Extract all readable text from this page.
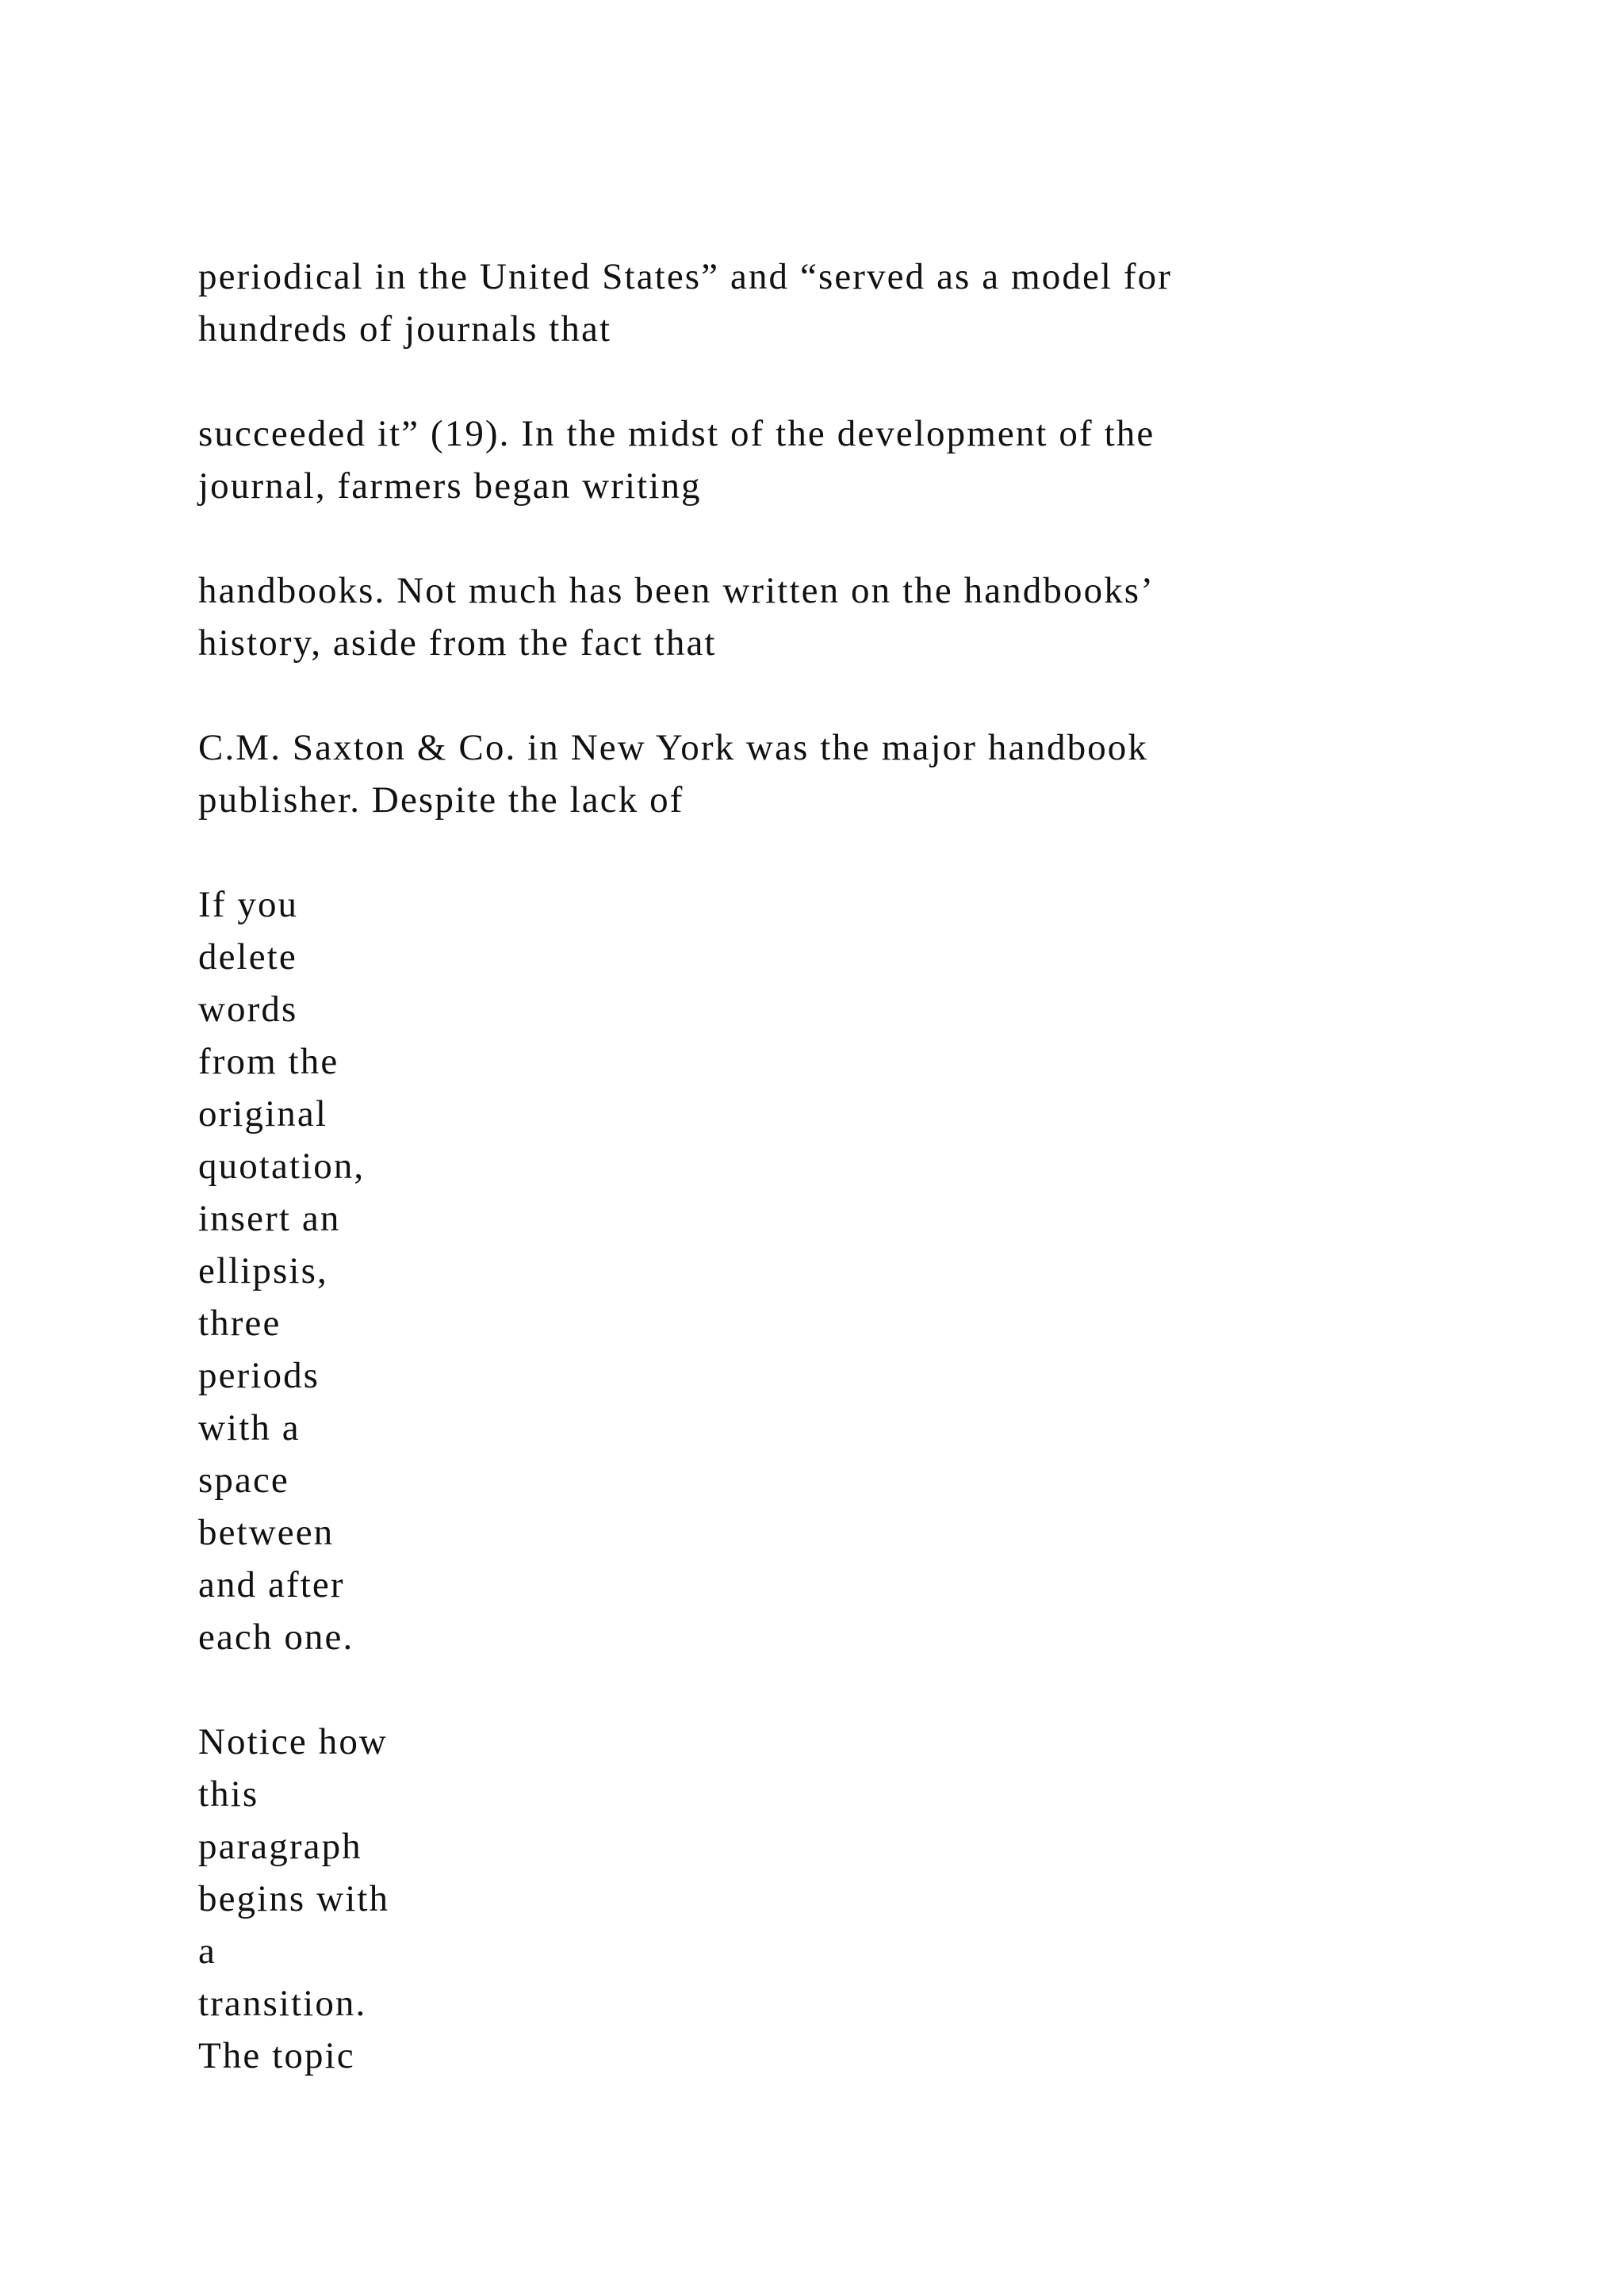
periodical in the United States” and “served as a model for
hundreds of journals that
succeeded it” (19). In the midst of the development of the
journal, farmers began writing
handbooks. Not much has been written on the handbooks’
history, aside from the fact that
C.M. Saxton & Co. in New York was the major handbook
publisher. Despite the lack of
If you
delete
words
from the
original
quotation,
insert an
ellipsis,
three
periods
with a
space
between
and after
each one.
Notice how
this
paragraph
begins with
a
transition.
The topic
